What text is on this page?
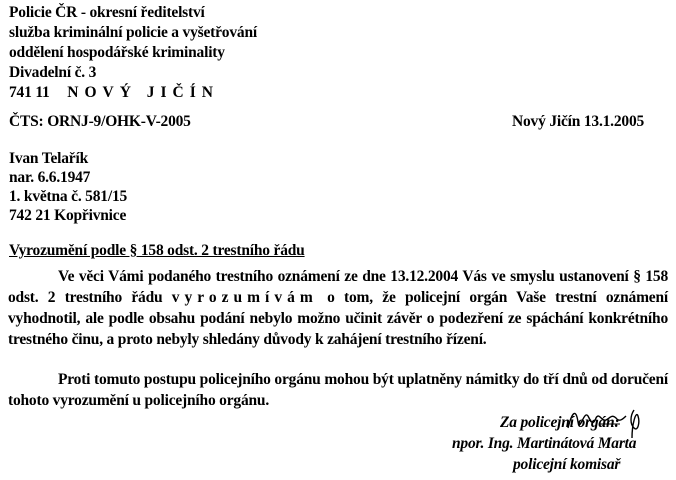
Policie ČR - okresní ředitelství
služba kriminální policie a vyšetřování
oddělení hospodářské kriminality
Divadelní č. 3
741 11 NOVÝ JIČÍN
ČTS: ORNJ-9/OHK-V-2005	Nový Jičín 13.1.2005
Ivan Telařík
nar. 6.6.1947
1. května č. 581/15
742 21 Kopřivnice
Vyrozumění podle § 158 odst. 2 trestního řádu
Ve věci Vámi podaného trestního oznámení ze dne 13.12.2004 Vás ve smyslu ustanovení § 158 odst. 2 trestního řádu vyrozumívám o tom, že policejní orgán Vaše trestní oznámení vyhodnotil, ale podle obsahu podání nebylo možno učinit závěr o podezření ze spáchání konkrétního trestného činu, a proto nebyly shledány důvody k zahájení trestního řízení.
Proti tomuto postupu policejního orgánu mohou být uplatněny námitky do tří dnů od doručení tohoto vyrozumění u policejního orgánu.
Za policejní orgán:
npor. Ing. Martinátová Marta
policejní komisař
